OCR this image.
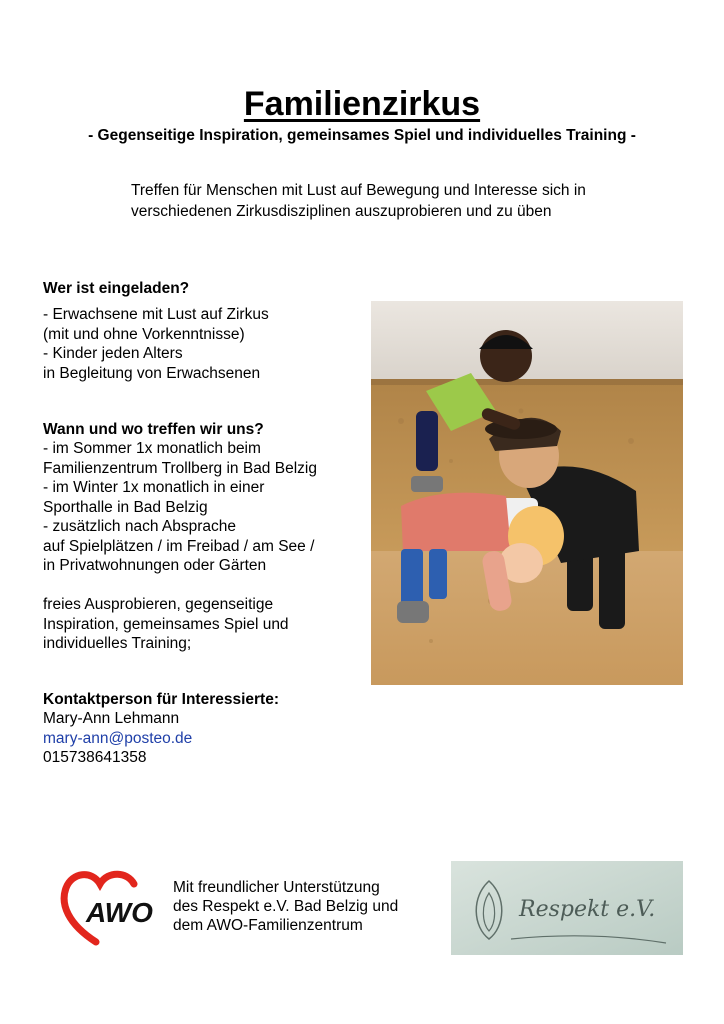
Familienzirkus
- Gegenseitige Inspiration, gemeinsames Spiel und individuelles Training -
Treffen für Menschen mit Lust auf Bewegung und Interesse sich in
verschiedenen Zirkusdisziplinen auszuprobieren und zu üben
Wer ist eingeladen?
- Erwachsene mit Lust auf Zirkus
(mit und ohne Vorkenntnisse)
- Kinder jeden Alters
in Begleitung von Erwachsenen
Wann und wo treffen wir uns?
- im Sommer 1x monatlich beim
Familienzentrum Trollberg in Bad Belzig
- im Winter 1x monatlich in einer
Sporthalle in Bad Belzig
- zusätzlich nach Absprache
auf Spielplätzen / im Freibad / am See /
in Privatwohnungen oder Gärten
freies Ausprobieren, gegenseitige
Inspiration, gemeinsames Spiel und
individuelles Training;
Kontaktperson für Interessierte:
Mary-Ann Lehmann
mary-ann@posteo.de
015738641358
AWO
Mit freundlicher Unterstützung
des Respekt e.V. Bad Belzig und
dem AWO-Familienzentrum
Respekt e.V.
